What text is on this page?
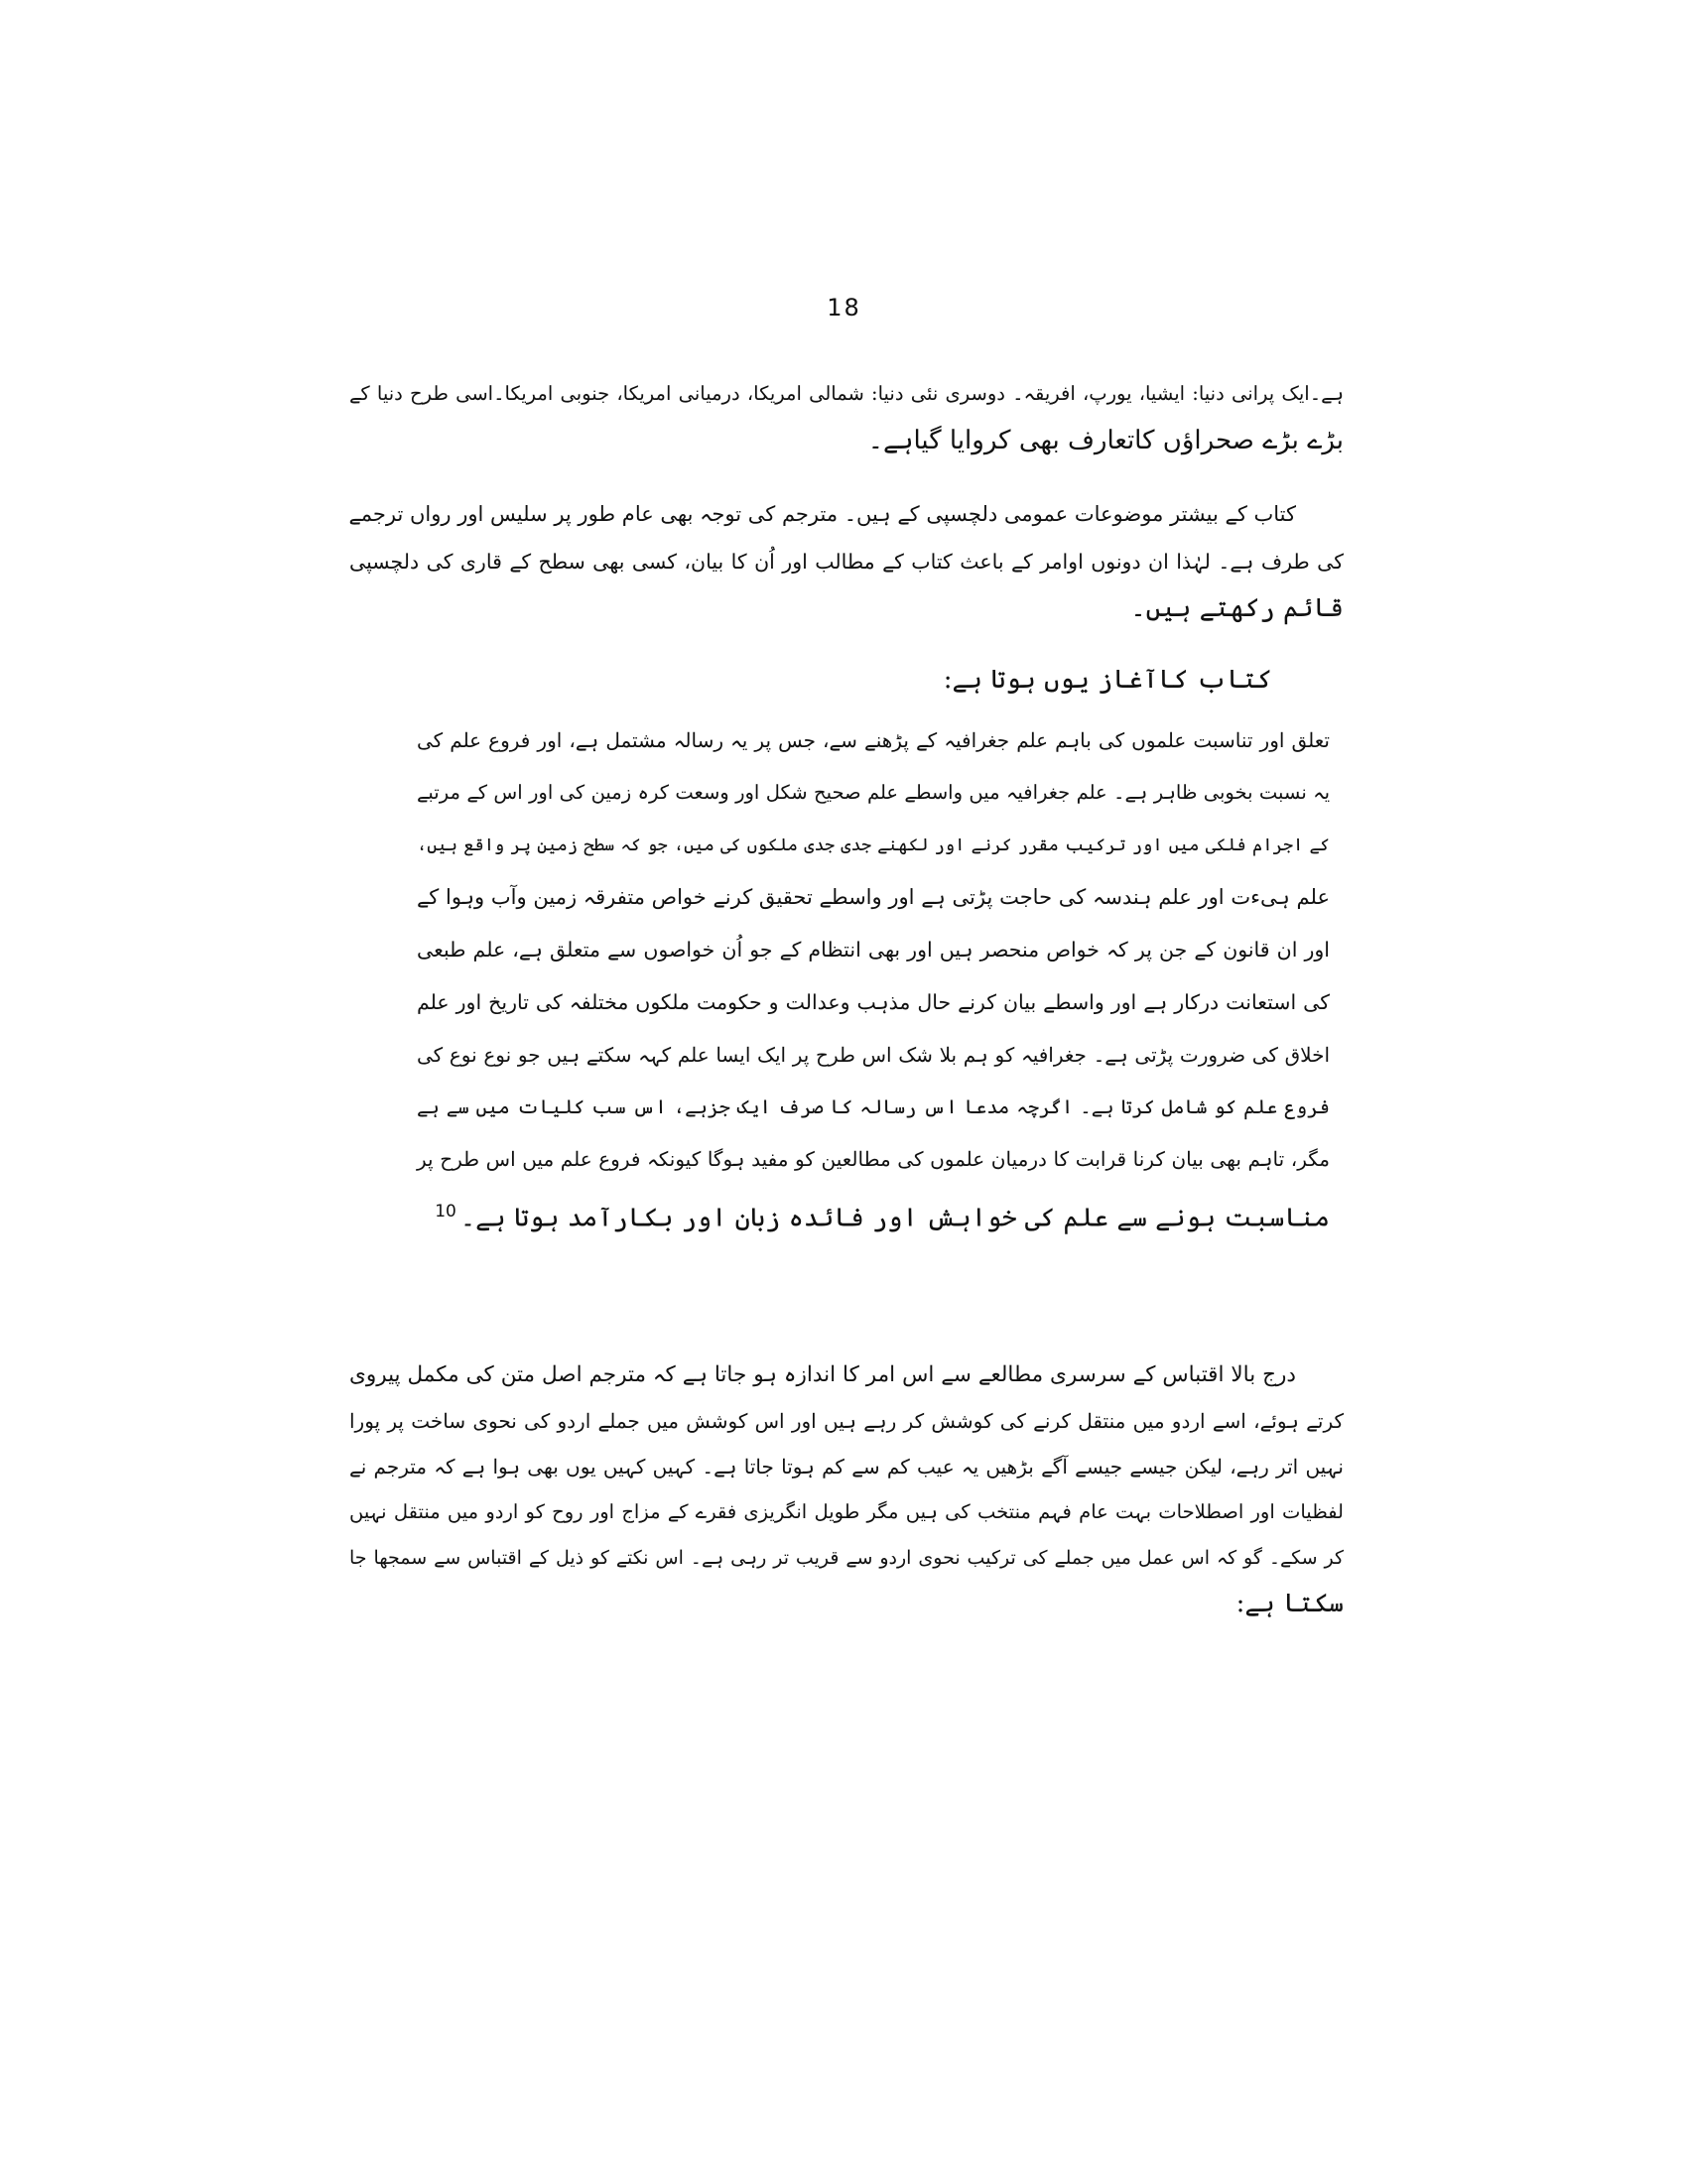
18
ہے۔ایک پرانی دنیا: ایشیا، یورپ، افریقہ۔ دوسری نئی دنیا: شمالی امریکا، درمیانی امریکا، جنوبی امریکا۔اسی طرح دنیا کے
بڑے بڑے صحراؤں کاتعارف بھی کروایا گیاہے۔
کتاب کے بیشتر موضوعات عمومی دلچسپی کے ہیں۔ مترجم کی توجہ بھی عام طور پر سلیس اور رواں ترجمے
کی طرف ہے۔ لہٰذا ان دونوں اوامر کے باعث کتاب کے مطالب اور اُن کا بیان، کسی بھی سطح کے قاری کی دلچسپی
قائم رکھتے ہیں۔
کتاب کاآغاز یوں ہوتا ہے:
تعلق اور تناسبت علموں کی باہم علم جغرافیہ کے پڑھنے سے، جس پر یہ رسالہ مشتمل ہے، اور فروع علم کی
یہ نسبت بخوبی ظاہر ہے۔ علم جغرافیہ میں واسطے علم صحیح شکل اور وسعت کرہ زمین کی اور اس کے مرتبے
کے اجرام فلکی میں اور ترکیب مقرر کرنے اور لکھنے جدی جدی ملکوں کی میں، جو کہ سطح زمین پر واقع ہیں،
علم ہیءت اور علم ہندسہ کی حاجت پڑتی ہے اور واسطے تحقیق کرنے خواص متفرقہ زمین وآب وہوا کے
اور ان قانون کے جن پر کہ خواص منحصر ہیں اور بھی انتظام کے جو اُن خواصوں سے متعلق ہے، علم طبعی
کی استعانت درکار ہے اور واسطے بیان کرنے حال مذہب وعدالت و حکومت ملکوں مختلفہ کی تاریخ اور علم
اخلاق کی ضرورت پڑتی ہے۔ جغرافیہ کو ہم بلا شک اس طرح پر ایک ایسا علم کہہ سکتے ہیں جو نوع نوع کی
فروع علم کو شامل کرتا ہے۔ اگرچہ مدعا اس رسالہ کا صرف ایک جزہے، اس سب کلیات میں سے ہے
مگر، تاہم بھی بیان کرنا قرابت کا درمیان علموں کی مطالعین کو مفید ہوگا کیونکہ فروع علم میں اس طرح پر
مناسبت ہونے سے علم کی خواہش اور فائدہ زبان اور بکارآمد ہوتا ہے۔$^{10}$
درج بالا اقتباس کے سرسری مطالعے سے اس امر کا اندازہ ہو جاتا ہے کہ مترجم اصل متن کی مکمل پیروی
کرتے ہوئے، اسے اردو میں منتقل کرنے کی کوشش کر رہے ہیں اور اس کوشش میں جملے اردو کی نحوی ساخت پر پورا
نہیں اتر رہے، لیکن جیسے جیسے آگے بڑھیں یہ عیب کم سے کم ہوتا جاتا ہے۔ کہیں کہیں یوں بھی ہوا ہے کہ مترجم نے
لفظیات اور اصطلاحات بہت عام فہم منتخب کی ہیں مگر طویل انگریزی فقرے کے مزاج اور روح کو اردو میں منتقل نہیں
کر سکے۔ گو کہ اس عمل میں جملے کی ترکیب نحوی اردو سے قریب تر رہی ہے۔ اس نکتے کو ذیل کے اقتباس سے سمجھا جا
سکتا ہے:
